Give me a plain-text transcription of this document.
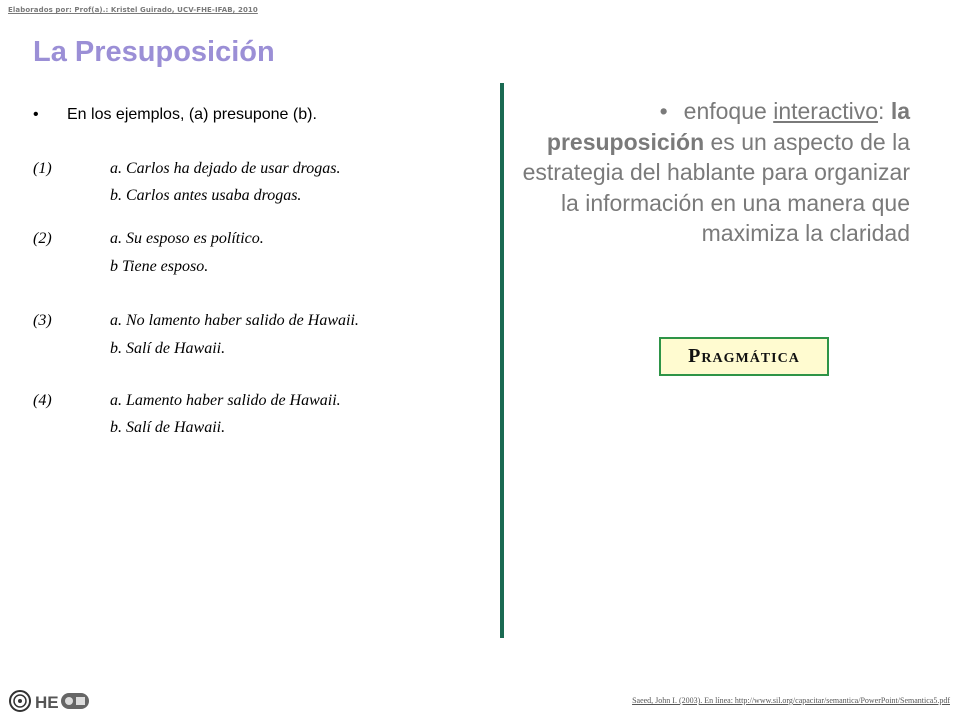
Elaborados por: Prof(a).: Kristel Guirado, UCV-FHE-IFAB, 2010
La Presuposición
• En los ejemplos, (a) presupone (b).
(1)	a. Carlos ha dejado de usar drogas.
b. Carlos antes usaba drogas.
(2)	a. Su esposo es político.
b Tiene esposo.
(3)	a. No lamento haber salido de Hawaii.
b. Salí de Hawaii.
(4)	a. Lamento haber salido de Hawaii.
b. Salí de Hawaii.
• enfoque interactivo: la presuposición es un aspecto de la estrategia del hablante para organizar la información en una manera que maximiza la claridad
PRAGMÁTICA
HE	Saeed, John I. (2003). En línea: http://www.sil.org/capacitar/semantica/PowerPoint/Semantica5.pdf
